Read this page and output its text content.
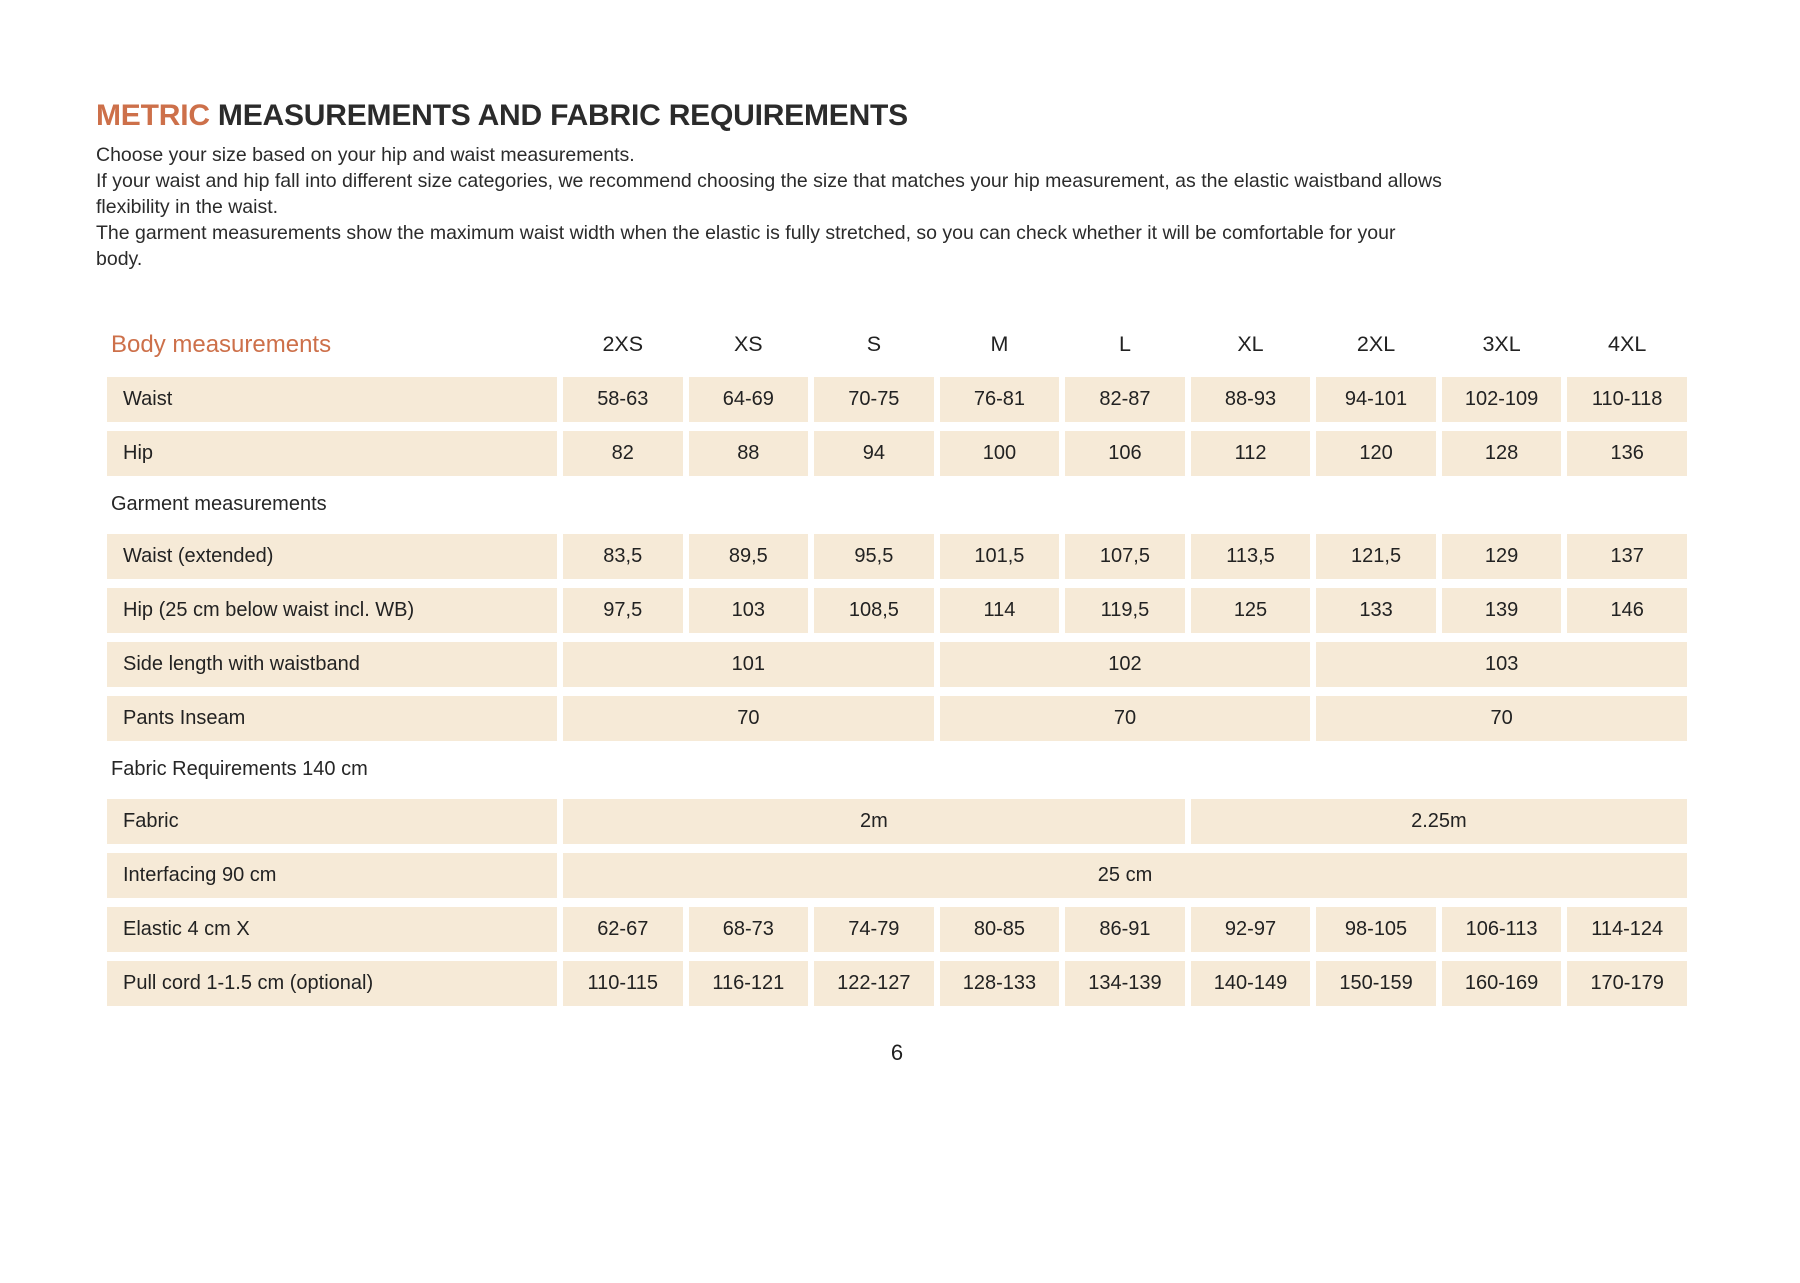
METRIC MEASUREMENTS AND FABRIC REQUIREMENTS

Choose your size based on your hip and waist measurements.

If your waist and hip fall into different size categories, we recommend choosing the size that matches your hip measurement, as the elastic waistband allows flexibility in the waist.

The garment measurements show the maximum waist width when the elastic is fully stretched, so you can check whether it will be comfortable for your body.

Body measurements	2XS	XS	S	M	L	XL	2XL	3XL	4XL
Waist	58-63	64-69	70-75	76-81	82-87	88-93	94-101	102-109	110-118
Hip	82	88	94	100	106	112	120	128	136
Garment measurements
Waist (extended)	83,5	89,5	95,5	101,5	107,5	113,5	121,5	129	137
Hip (25 cm below waist incl. WB)	97,5	103	108,5	114	119,5	125	133	139	146
Side length with waistband	101	102	103
Pants Inseam	70	70	70
Fabric Requirements 140 cm
Fabric	2m	2.25m
Interfacing 90 cm	25 cm
Elastic 4 cm X	62-67	68-73	74-79	80-85	86-91	92-97	98-105	106-113	114-124
Pull cord 1-1.5 cm (optional)	110-115	116-121	122-127	128-133	134-139	140-149	150-159	160-169	170-179
6
